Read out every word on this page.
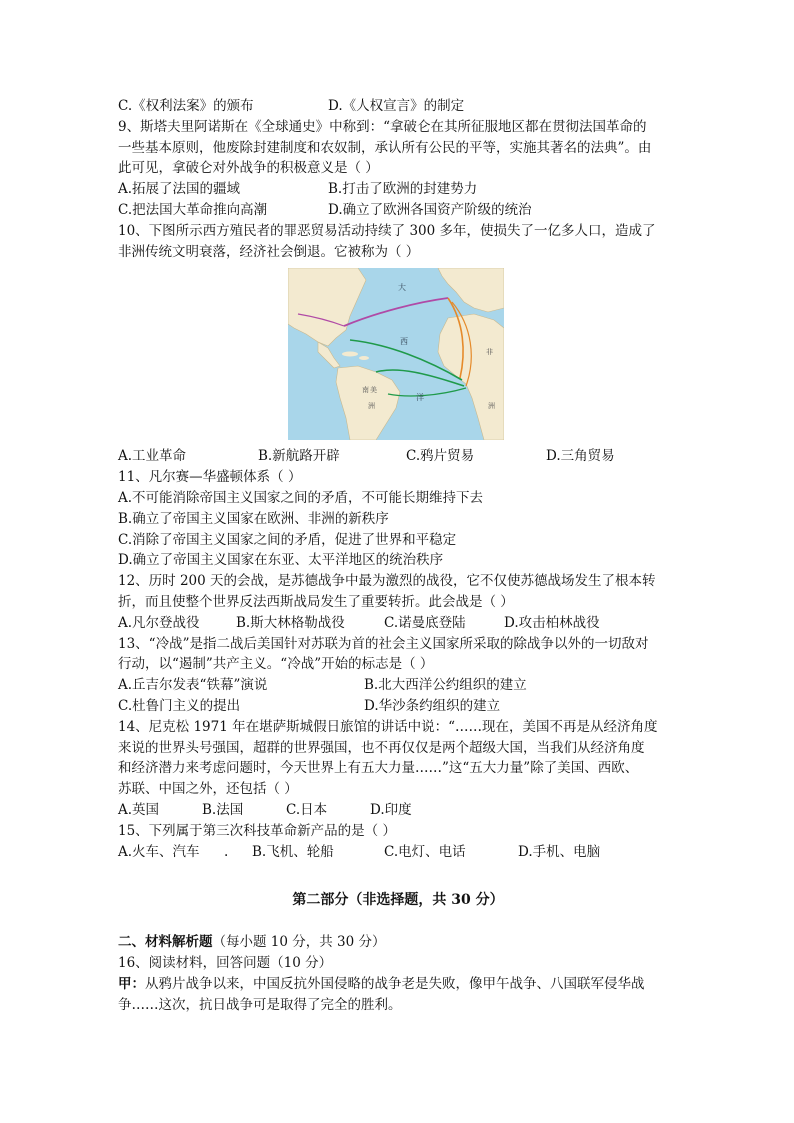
C.《权利法案》的颁布	D.《人权宣言》的制定

9、斯塔夫里阿诺斯在《全球通史》中称到：“拿破仑在其所征服地区都在贯彻法国革命的

一些基本原则，他废除封建制度和农奴制，承认所有公民的平等，实施其著名的法典”。由

此可见，拿破仑对外战争的积极意义是（ ）

A.拓展了法国的疆域	B.打击了欧洲的封建势力
C.把法国大革命推向高潮	D.确立了欧洲各国资产阶级的统治

10、下图所示西方殖民者的罪恶贸易活动持续了 300 多年，使损失了一亿多人口，造成了

非洲传统文明衰落，经济社会倒退。它被称为（ ）

大
西
洋
南 美
洲
非
洲
A.工业革命	B.新航路开辟	C.鸦片贸易	D.三角贸易

11、凡尔赛—华盛顿体系（ ）

A.不可能消除帝国主义国家之间的矛盾，不可能长期维持下去

B.确立了帝国主义国家在欧洲、非洲的新秩序

C.消除了帝国主义国家之间的矛盾，促进了世界和平稳定

D.确立了帝国主义国家在东亚、太平洋地区的统治秩序

12、历时 200 天的会战，是苏德战争中最为激烈的战役，它不仅使苏德战场发生了根本转

折，而且使整个世界反法西斯战局发生了重要转折。此会战是（ ）

A.凡尔登战役	B.斯大林格勒战役	C.诺曼底登陆	D.攻击柏林战役

13、“冷战”是指二战后美国针对苏联为首的社会主义国家所采取的除战争以外的一切敌对

行动，以“遏制”共产主义。“冷战”开始的标志是（ ）

A.丘吉尔发表“铁幕”演说	B.北大西洋公约组织的建立
C.杜鲁门主义的提出	D.华沙条约组织的建立

14、尼克松 1971 年在堪萨斯城假日旅馆的讲话中说：“……现在，美国不再是从经济角度

来说的世界头号强国，超群的世界强国，也不再仅仅是两个超级大国，当我们从经济角度

和经济潜力来考虑问题时，今天世界上有五大力量……”这“五大力量”除了美国、西欧、

苏联、中国之外，还包括（ ）

A.英国	B.法国	C.日本	D.印度

15、下列属于第三次科技革命新产品的是（ ）

A.火车、汽车	.	B.飞机、轮船	C.电灯、电话	D.手机、电脑

第二部分（非选择题，共 30 分）

二、材料解析题（每小题 10 分，共 30 分）

16、阅读材料，回答问题（10 分）

甲：从鸦片战争以来，中国反抗外国侵略的战争老是失败，像甲午战争、八国联军侵华战

争……这次，抗日战争可是取得了完全的胜利。
